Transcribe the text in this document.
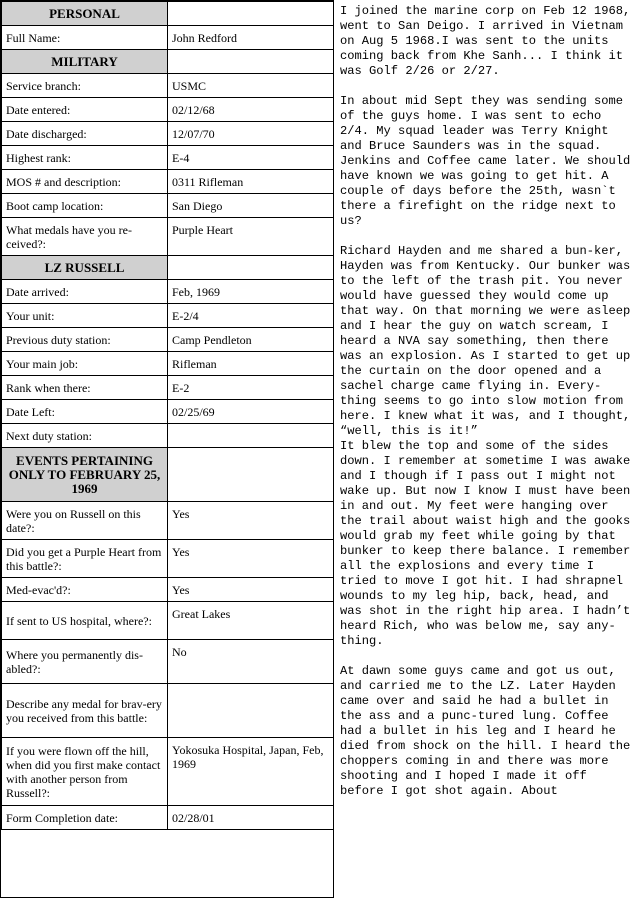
PERSONAL	
Full Name:	John Redford
MILITARY	
Service branch:	USMC
Date entered:	02/12/68
Date discharged:	12/07/70
Highest rank:	E-4
MOS # and description:	0311 Rifleman
Boot camp location:	San Diego
What medals have you re-ceived?:	Purple Heart
LZ RUSSELL	
Date arrived:	Feb, 1969
Your unit:	E-2/4
Previous duty station:	Camp Pendleton
Your main job:	Rifleman
Rank when there:	E-2
Date Left:	02/25/69
Next duty station:	
EVENTS PERTAINING ONLY TO FEBRUARY 25, 1969	
Were you on Russell on this date?:	Yes
Did you get a Purple Heart from this battle?:	Yes
Med-evac'd?:	Yes
If sent to US hospital, where?:	Great Lakes
Where you permanently dis-abled?:	No
Describe any medal for brav-ery you received from this battle:	
If you were flown off the hill, when did you first make contact with another person from Russell?:	Yokosuka Hospital, Japan, Feb, 1969
Form Completion date:	02/28/01

I joined the marine corp on Feb 12 1968, went to San Deigo. I arrived in Vietnam on Aug 5 1968.I was sent to the units coming back from Khe Sanh... I think it was Golf 2/26 or 2/27.

In about mid Sept they was sending some of the guys home. I was sent to echo 2/4. My squad leader was Terry Knight and Bruce Saunders was in the squad. Jenkins and Coffee came later. We should have known we was going to get hit. A couple of days before the 25th, wasn`t there a firefight on the ridge next to us?

Richard Hayden and me shared a bun-ker, Hayden was from Kentucky. Our bunker was to the left of the trash pit. You never would have guessed they would come up that way. On that morning we were asleep and I hear the guy on watch scream, I heard a NVA say something, then there was an explosion. As I started to get up the curtain on the door opened and a sachel charge came flying in. Every-thing seems to go into slow motion from here. I knew what it was, and I thought, “well, this is it!”
It blew the top and some of the sides down. I remember at sometime I was awake and I though if I pass out I might not wake up. But now I know I must have been in and out. My feet were hanging over the trail about waist high and the gooks would grab my feet while going by that bunker to keep there balance. I remember all the explosions and every time I tried to move I got hit. I had shrapnel wounds to my leg hip, back, head, and was shot in the right hip area. I hadn’t heard Rich, who was below me, say any-thing.

At dawn some guys came and got us out, and carried me to the LZ. Later Hayden came over and said he had a bullet in the ass and a punc-tured lung. Coffee had a bullet in his leg and I heard he died from shock on the hill. I heard the choppers coming in and there was more shooting and I hoped I made it off before I got shot again. About
